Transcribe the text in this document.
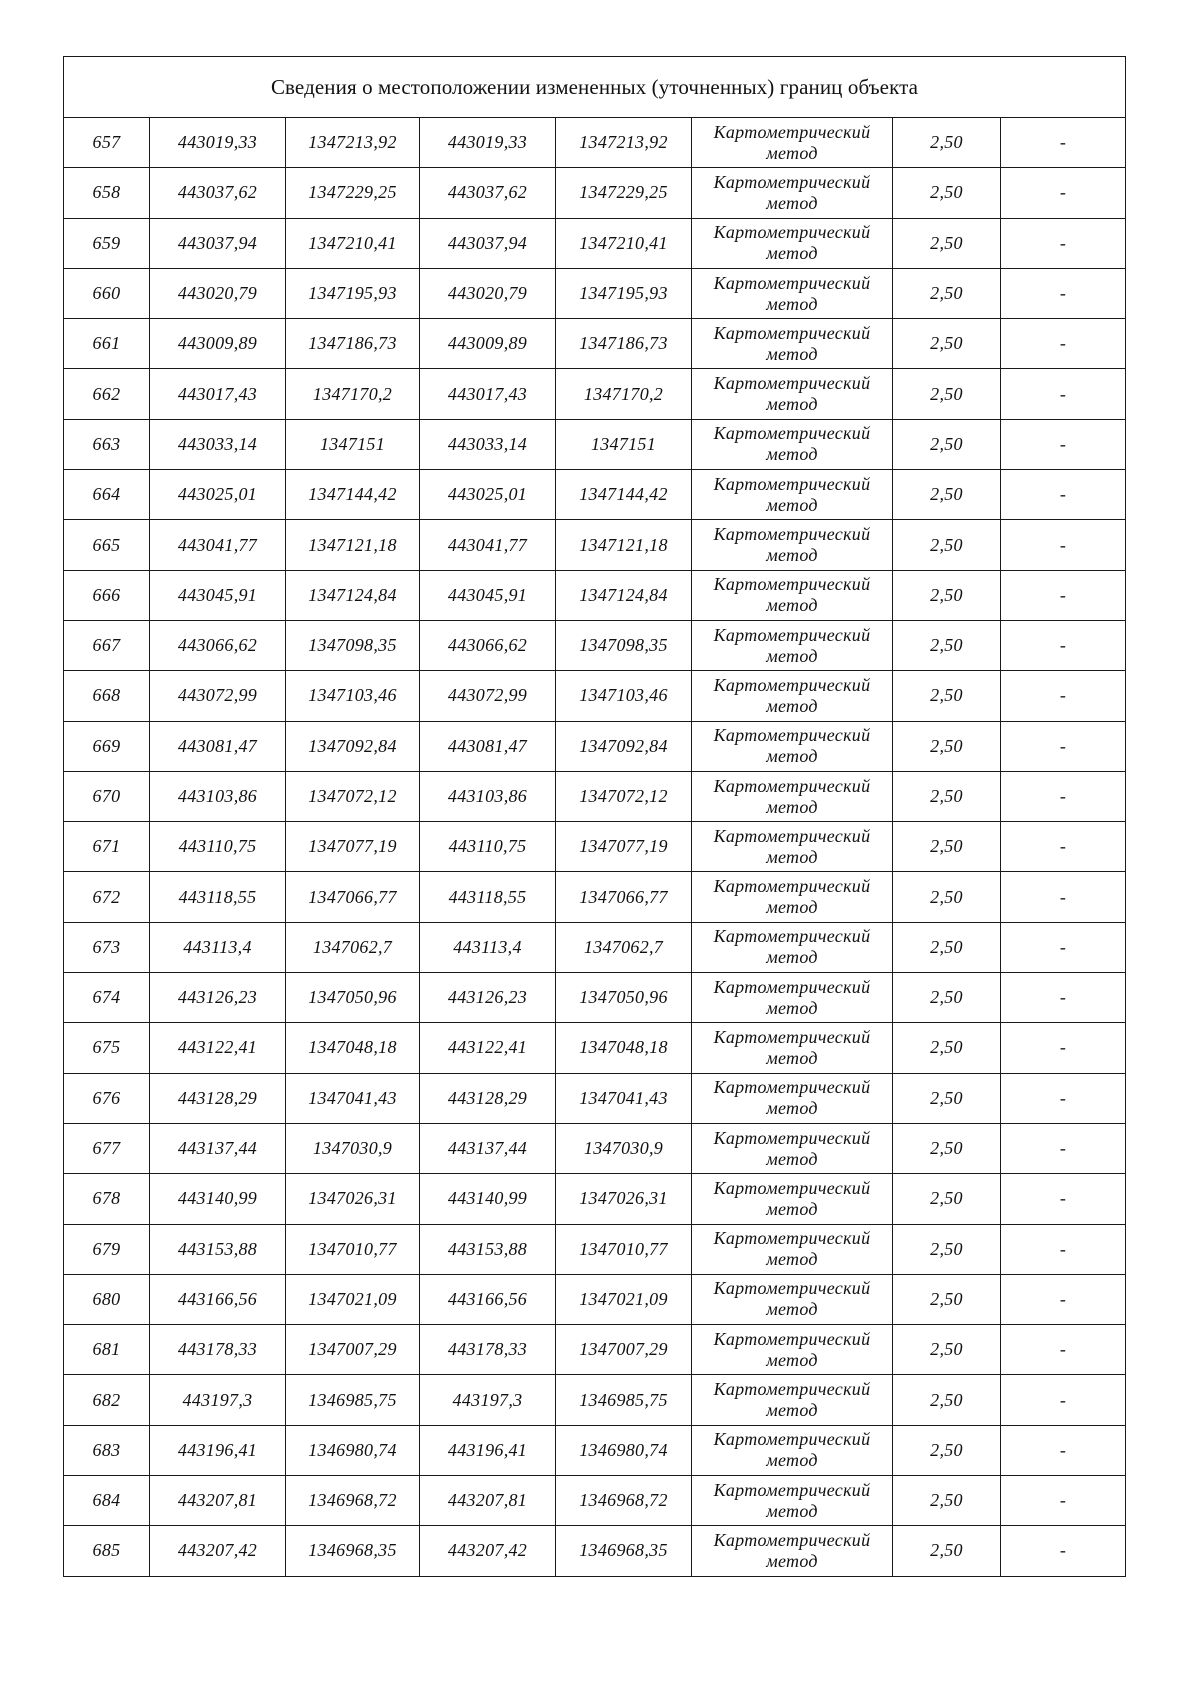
Сведения о местоположении измененных (уточненных) границ объекта							
657	443019,33	1347213,92	443019,33	1347213,92	Картометрический
метод	2,50	-
658	443037,62	1347229,25	443037,62	1347229,25	Картометрический
метод	2,50	-
659	443037,94	1347210,41	443037,94	1347210,41	Картометрический
метод	2,50	-
660	443020,79	1347195,93	443020,79	1347195,93	Картометрический
метод	2,50	-
661	443009,89	1347186,73	443009,89	1347186,73	Картометрический
метод	2,50	-
662	443017,43	1347170,2	443017,43	1347170,2	Картометрический
метод	2,50	-
663	443033,14	1347151	443033,14	1347151	Картометрический
метод	2,50	-
664	443025,01	1347144,42	443025,01	1347144,42	Картометрический
метод	2,50	-
665	443041,77	1347121,18	443041,77	1347121,18	Картометрический
метод	2,50	-
666	443045,91	1347124,84	443045,91	1347124,84	Картометрический
метод	2,50	-
667	443066,62	1347098,35	443066,62	1347098,35	Картометрический
метод	2,50	-
668	443072,99	1347103,46	443072,99	1347103,46	Картометрический
метод	2,50	-
669	443081,47	1347092,84	443081,47	1347092,84	Картометрический
метод	2,50	-
670	443103,86	1347072,12	443103,86	1347072,12	Картометрический
метод	2,50	-
671	443110,75	1347077,19	443110,75	1347077,19	Картометрический
метод	2,50	-
672	443118,55	1347066,77	443118,55	1347066,77	Картометрический
метод	2,50	-
673	443113,4	1347062,7	443113,4	1347062,7	Картометрический
метод	2,50	-
674	443126,23	1347050,96	443126,23	1347050,96	Картометрический
метод	2,50	-
675	443122,41	1347048,18	443122,41	1347048,18	Картометрический
метод	2,50	-
676	443128,29	1347041,43	443128,29	1347041,43	Картометрический
метод	2,50	-
677	443137,44	1347030,9	443137,44	1347030,9	Картометрический
метод	2,50	-
678	443140,99	1347026,31	443140,99	1347026,31	Картометрический
метод	2,50	-
679	443153,88	1347010,77	443153,88	1347010,77	Картометрический
метод	2,50	-
680	443166,56	1347021,09	443166,56	1347021,09	Картометрический
метод	2,50	-
681	443178,33	1347007,29	443178,33	1347007,29	Картометрический
метод	2,50	-
682	443197,3	1346985,75	443197,3	1346985,75	Картометрический
метод	2,50	-
683	443196,41	1346980,74	443196,41	1346980,74	Картометрический
метод	2,50	-
684	443207,81	1346968,72	443207,81	1346968,72	Картометрический
метод	2,50	-
685	443207,42	1346968,35	443207,42	1346968,35	Картометрический
метод	2,50	-
